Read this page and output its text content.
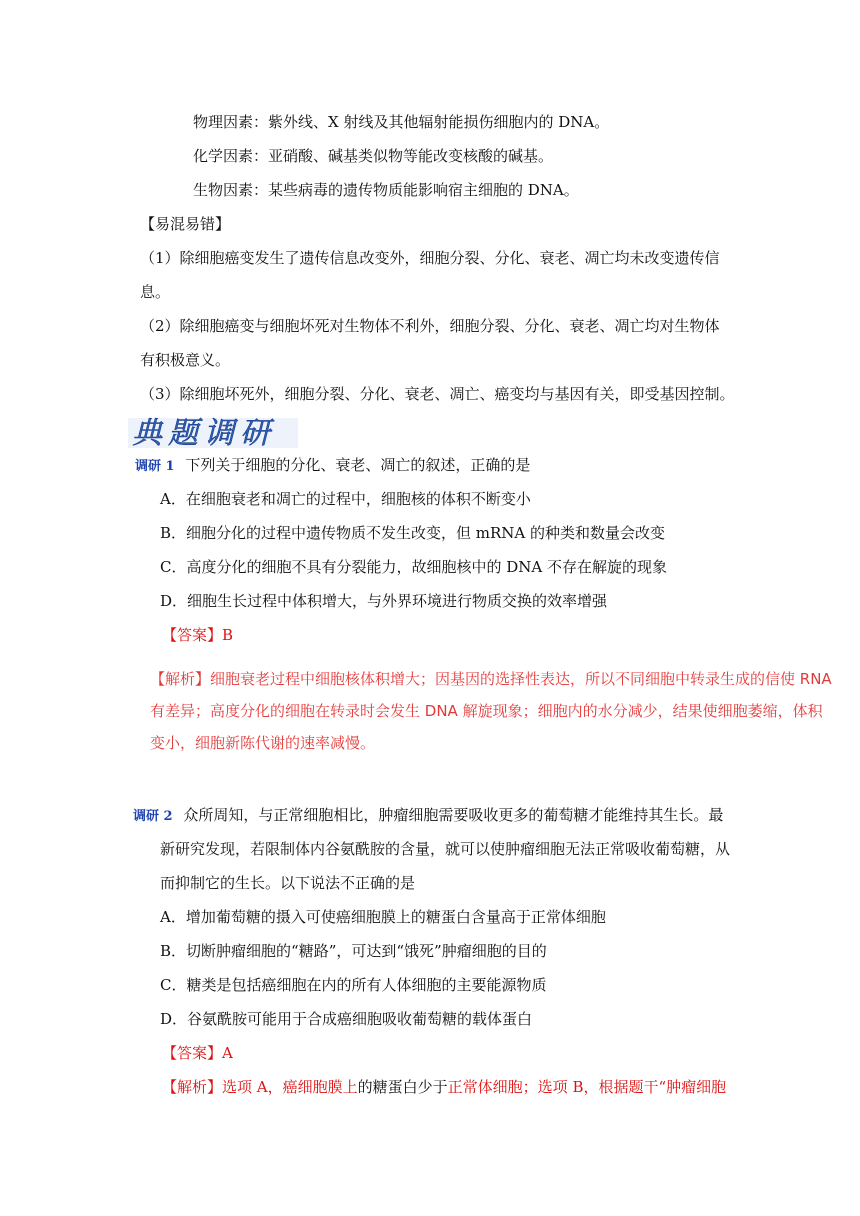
物理因素：紫外线、X 射线及其他辐射能损伤细胞内的 DNA。
化学因素：亚硝酸、碱基类似物等能改变核酸的碱基。
生物因素：某些病毒的遗传物质能影响宿主细胞的 DNA。
【易混易错】
（1）除细胞癌变发生了遗传信息改变外，细胞分裂、分化、衰老、凋亡均未改变遗传信
息。
（2）除细胞癌变与细胞坏死对生物体不利外，细胞分裂、分化、衰老、凋亡均对生物体
有积极意义。
（3）除细胞坏死外，细胞分裂、分化、衰老、凋亡、癌变均与基因有关，即受基因控制。
典题调研
调研 1 下列关于细胞的分化、衰老、凋亡的叙述，正确的是
A．在细胞衰老和凋亡的过程中，细胞核的体积不断变小
B．细胞分化的过程中遗传物质不发生改变，但 mRNA 的种类和数量会改变
C．高度分化的细胞不具有分裂能力，故细胞核中的 DNA 不存在解旋的现象
D．细胞生长过程中体积增大，与外界环境进行物质交换的效率增强
【答案】B
【解析】细胞衰老过程中细胞核体积增大；因基因的选择性表达，所以不同细胞中转录生成的信使 RNA
有差异；高度分化的细胞在转录时会发生 DNA 解旋现象；细胞内的水分减少，结果使细胞萎缩，体积
变小，细胞新陈代谢的速率减慢。
调研 2 众所周知，与正常细胞相比，肿瘤细胞需要吸收更多的葡萄糖才能维持其生长。最
新研究发现，若限制体内谷氨酰胺的含量，就可以使肿瘤细胞无法正常吸收葡萄糖，从
而抑制它的生长。以下说法不正确的是
A．增加葡萄糖的摄入可使癌细胞膜上的糖蛋白含量高于正常体细胞
B．切断肿瘤细胞的“糖路”，可达到“饿死”肿瘤细胞的目的
C．糖类是包括癌细胞在内的所有人体细胞的主要能源物质
D．谷氨酰胺可能用于合成癌细胞吸收葡萄糖的载体蛋白
【答案】A
【解析】选项 A，癌细胞膜上的糖蛋白少于正常体细胞；选项 B，根据题干“肿瘤细胞
